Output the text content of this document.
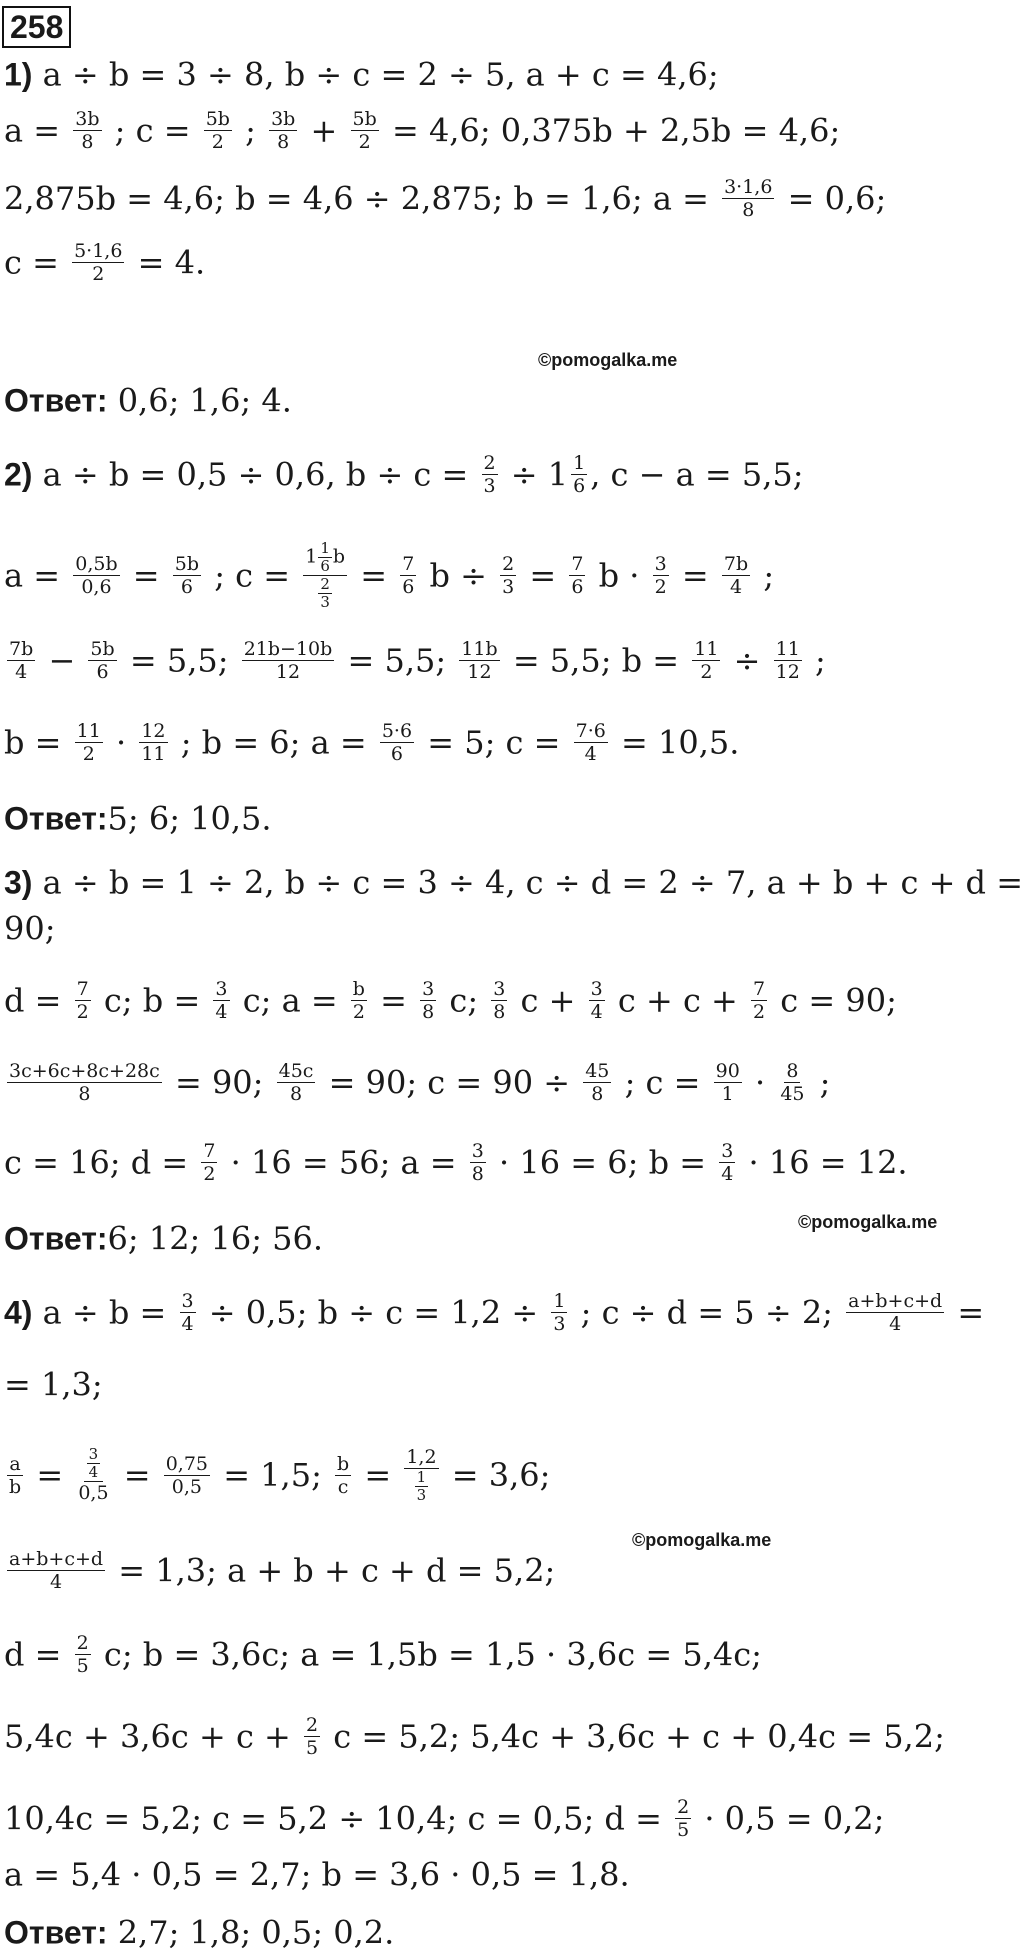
258
1) a ÷ b = 3 ÷ 8, b ÷ c = 2 ÷ 5, a + c = 4,6;
$a = \frac{3b}{8}$ ; $c = \frac{5b}{2}$ ; $\frac{3b}{8} + \frac{5b}{2} = 4,6$; 0,375b + 2,5b = 4,6;
2,875b = 4,6; b = 4,6 ÷ 2,875; b = 1,6; $a = \frac{3\cdot 1,6}{8} = 0,6$;
$c = \frac{5\cdot 1,6}{2} = 4$.
©pomogalka.me
Ответ: 0,6; 1,6; 4.
2) a ÷ b = 0,5 ÷ 0,6, $b \div c = \frac{2}{3} \div 1 \frac{1}{6}$ , c − a = 5,5;
$a = \frac{0,5b}{0,6} = \frac{5b}{6}$ ; $c = \frac{1 \frac{1}{6} b}{\frac{2}{3}} = \frac{7}{6}$ $b \div \frac{2}{3} = \frac{7}{6}$ $b \cdot \frac{3}{2} = \frac{7b}{4}$ ;
$\frac{7b}{4} - \frac{5b}{6} = 5,5$; $\frac{21b-10b}{12} = 5,5$; $\frac{11b}{12} = 5,5$; $b = \frac{11}{2} \div \frac{11}{12}$ ;
$b = \frac{11}{2} \cdot \frac{12}{11}$ ; b = 6; $a = \frac{5\cdot 6}{6} = 5$; $c = \frac{7\cdot 6}{4} = 10,5$.
Ответ:5; 6; 10,5.
3) a ÷ b = 1 ÷ 2, b ÷ c = 3 ÷ 4, c ÷ d = 2 ÷ 7, a + b + c + d =
90;
$d = \frac{7}{2} c$; $b = \frac{3}{4} c$; $a = \frac{b}{2} = \frac{3}{8} c$; $\frac{3}{8}$ $c + \frac{3}{4}$ $c + c + \frac{7}{2}$ c = 90;
$\frac{3c+6c+8c+28c}{8} = 90$; $\frac{45c}{8} = 90$; $c = 90 \div \frac{45}{8}$ ; $c = \frac{90}{1} \cdot \frac{8}{45}$ ;
c = 16; $d = \frac{7}{2} \cdot 16 = 56$; $a = \frac{3}{8} \cdot 16 = 6$; $b = \frac{3}{4} \cdot 16 = 12$.
©pomogalka.me
Ответ:6; 12; 16; 56.
4) $a \div b = \frac{3}{4} \div 0,5$; $b \div c = 1,2 \div \frac{1}{3}$ ; c ÷ d = 5 ÷ 2; $\frac{a+b+c+d}{4}$ =
= 1,3;
$\frac{a}{b} = \frac{\frac{3}{4}}{0,5} = \frac{0,75}{0,5} = 1,5$; $\frac{b}{c} = \frac{1,2}{\frac{1}{3}} = 3,6$;
©pomogalka.me
$\frac{a+b+c+d}{4} = 1,3$; a + b + c + d = 5,2;
$d = \frac{2}{5} c$; b = 3,6c; a = 1,5b = 1,5 · 3,6c = 5,4c;
$5,4c + 3,6c + c + \frac{2}{5}$ c = 5,2; 5,4c + 3,6c + c + 0,4c = 5,2;
10,4c = 5,2; c = 5,2 ÷ 10,4; c = 0,5; $d = \frac{2}{5} \cdot 0,5 = 0,2$;
a = 5,4 · 0,5 = 2,7; b = 3,6 · 0,5 = 1,8.
Ответ: 2,7; 1,8; 0,5; 0,2.
